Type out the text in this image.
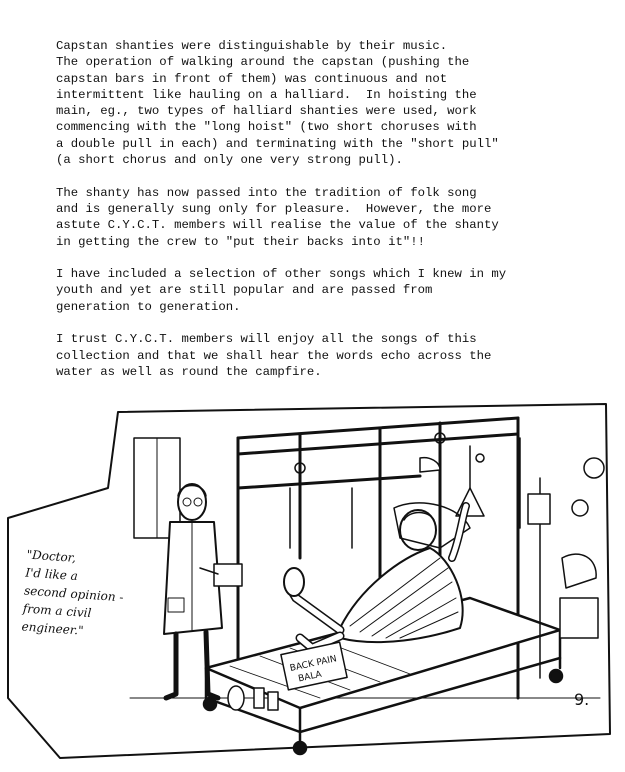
Capstan shanties were distinguishable by their music.
The operation of walking around the capstan (pushing the
capstan bars in front of them) was continuous and not
intermittent like hauling on a halliard.  In hoisting the
main, eg., two types of halliard shanties were used, work
commencing with the "long hoist" (two short choruses with
a double pull in each) and terminating with the "short pull"
(a short chorus and only one very strong pull).

The shanty has now passed into the tradition of folk song
and is generally sung only for pleasure.  However, the more
astute C.Y.C.T. members will realise the value of the shanty
in getting the crew to "put their backs into it"!!

I have included a selection of other songs which I knew in my
youth and yet are still popular and are passed from
generation to generation.

I trust C.Y.C.T. members will enjoy all the songs of this
collection and that we shall hear the words echo across the
water as well as round the campfire.

BACK PAIN
BALA
"Doctor,
I'd like a
second opinion -
from a civil
engineer."
9.
